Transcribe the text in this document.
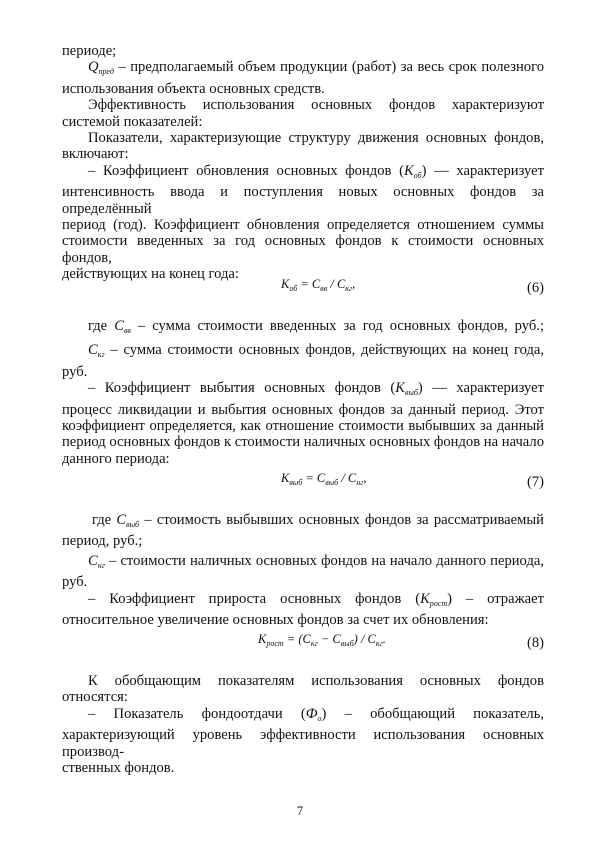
периоде;

$Q_{пред}$ – предполагаемый объем продукции (работ) за весь срок полезного

использования объекта основных средств.

Эффективность использования основных фондов характеризуют

системой показателей:

Показатели, характеризующие структуру движения основных фондов,

включают:

– Коэффициент обновления основных фондов $(К_{об})$ — характеризует

интенсивность ввода и поступления новых основных фондов за определённый

период (год). Коэффициент обновления определяется отношением суммы

стоимости введенных за год основных фондов к стоимости основных фондов,

действующих на конец года:

$К_{об} = С_{вв} / С_{кг}$,	(6)

где $С_{вв}$ – сумма стоимости введенных за год основных фондов, руб.;

$С_{кг}$ – сумма стоимости основных фондов, действующих на конец года,

руб.

– Коэффициент выбытия основных фондов $(К_{выб})$ — характеризует

процесс ликвидации и выбытия основных фондов за данный период. Этот

коэффициент определяется, как отношение стоимости выбывших за данный

период основных фондов к стоимости наличных основных фондов на начало

данного периода:

$К_{выб} = С_{выб} / С_{нг}$,	(7)

где $С_{выб}$ – стоимость выбывших основных фондов за рассматриваемый

период, руб.;

$С_{нг}$ – стоимости наличных основных фондов на начало данного периода,

руб.

– Коэффициент прироста основных фондов $(К_{рост})$ – отражает

относительное увеличение основных фондов за счет их обновления:

$К_{рост} = (С_{кг} - С_{выб}) / С_{кг}$.	(8)

К обобщающим показателям использования основных фондов

относятся:

– Показатель фондоотдачи $(Ф_о)$ – обобщающий показатель,

характеризующий уровень эффективности использования основных производ-

ственных фондов.

7
